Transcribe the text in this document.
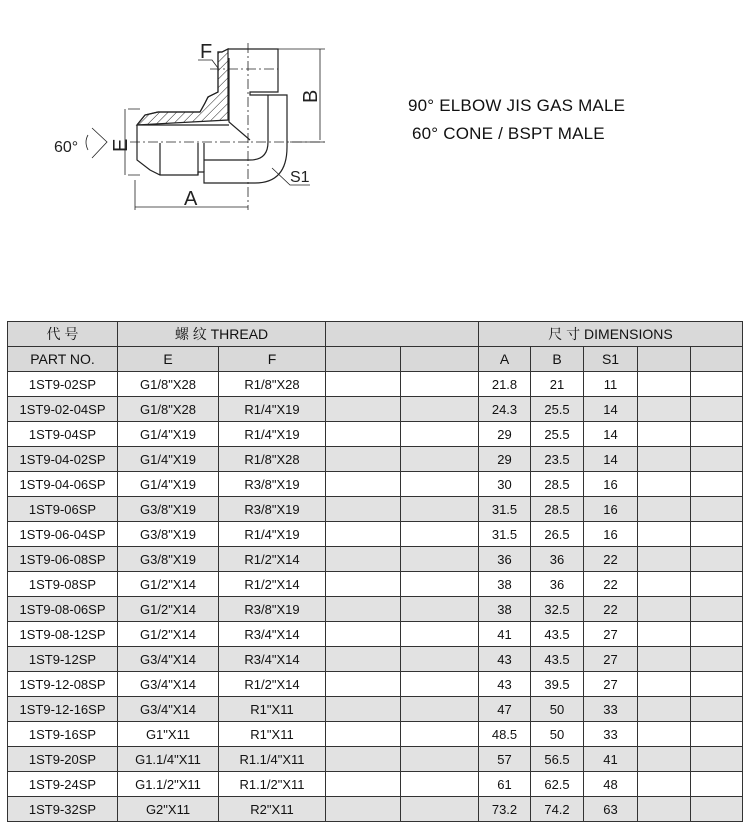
F
B
E
A
S1
60°
90° ELBOW JIS GAS MALE
60° CONE / BSPT MALE
代 号	螺 纹 THREAD				尺 寸 DIMENSIONS				
PART NO.	E	F			A	B	S1		
1ST9-02SP	G1/8"X28	R1/8"X28			21.8	21	11		
1ST9-02-04SP	G1/8"X28	R1/4"X19			24.3	25.5	14		
1ST9-04SP	G1/4"X19	R1/4"X19			29	25.5	14		
1ST9-04-02SP	G1/4"X19	R1/8"X28			29	23.5	14		
1ST9-04-06SP	G1/4"X19	R3/8"X19			30	28.5	16		
1ST9-06SP	G3/8"X19	R3/8"X19			31.5	28.5	16		
1ST9-06-04SP	G3/8"X19	R1/4"X19			31.5	26.5	16		
1ST9-06-08SP	G3/8"X19	R1/2"X14			36	36	22		
1ST9-08SP	G1/2"X14	R1/2"X14			38	36	22		
1ST9-08-06SP	G1/2"X14	R3/8"X19			38	32.5	22		
1ST9-08-12SP	G1/2"X14	R3/4"X14			41	43.5	27		
1ST9-12SP	G3/4"X14	R3/4"X14			43	43.5	27		
1ST9-12-08SP	G3/4"X14	R1/2"X14			43	39.5	27		
1ST9-12-16SP	G3/4"X14	R1"X11			47	50	33		
1ST9-16SP	G1"X11	R1"X11			48.5	50	33		
1ST9-20SP	G1.1/4"X11	R1.1/4"X11			57	56.5	41		
1ST9-24SP	G1.1/2"X11	R1.1/2"X11			61	62.5	48		
1ST9-32SP	G2"X11	R2"X11			73.2	74.2	63		
